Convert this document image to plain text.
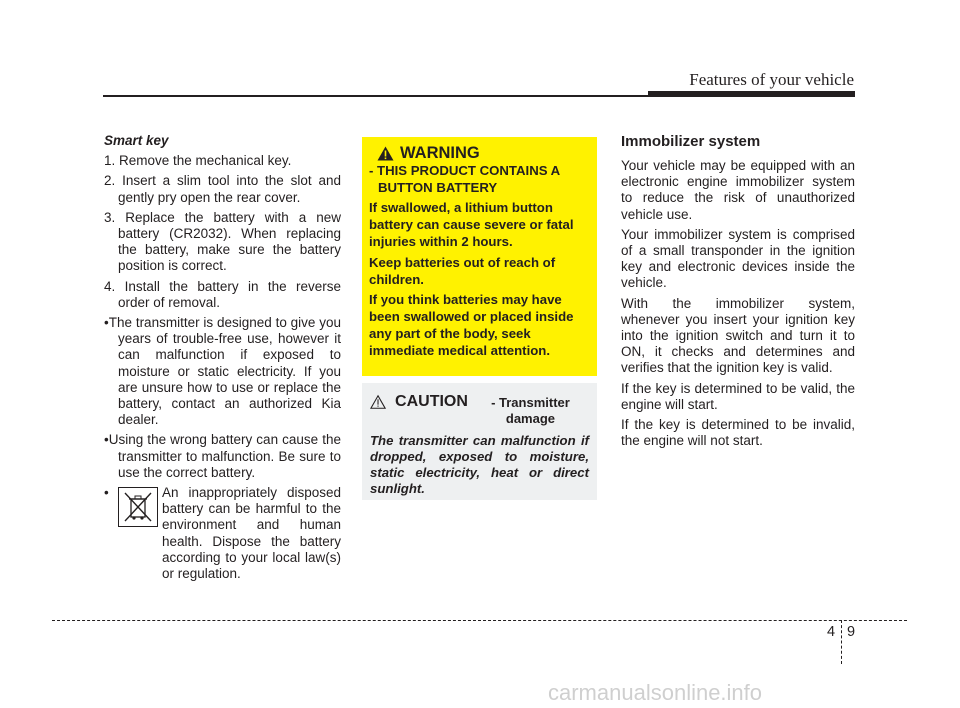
Features of your vehicle

Smart key

1. Remove the mechanical key.

2. Insert a slim tool into the slot and gently pry open the rear cover.

3. Replace the battery with a new battery (CR2032). When replacing the battery, make sure the battery position is correct.

4. Install the battery in the reverse order of removal.

• The transmitter is designed to give you years of trouble-free use, however it can malfunction if exposed to moisture or static electricity. If you are unsure how to use or replace the battery, contact an authorized Kia dealer.

• Using the wrong battery can cause the transmitter to malfunction. Be sure to use the correct battery.

•	An inappropriately disposed battery can be harmful to the environment and human health. Dispose the battery according to your local law(s) or regulation.

WARNING

- THIS PRODUCT CONTAINS A BUTTON BATTERY

If swallowed, a lithium button battery can cause severe or fatal injuries within 2 hours.

Keep batteries out of reach of children.

If you think batteries may have been swallowed or placed inside any part of the body, seek immediate medical attention.

CAUTION	- Transmitter damage

The transmitter can malfunction if dropped, exposed to moisture, static electricity, heat or direct sunlight.

Immobilizer system

Your vehicle may be equipped with an electronic engine immobilizer system to reduce the risk of unauthorized vehicle use.

Your immobilizer system is comprised of a small transponder in the ignition key and electronic devices inside the vehicle.

With the immobilizer system, whenever you insert your ignition key into the ignition switch and turn it to ON, it checks and determines and verifies that the ignition key is valid.

If the key is determined to be valid, the engine will start.

If the key is determined to be invalid, the engine will not start.

4 9
carmanualsonline.info
